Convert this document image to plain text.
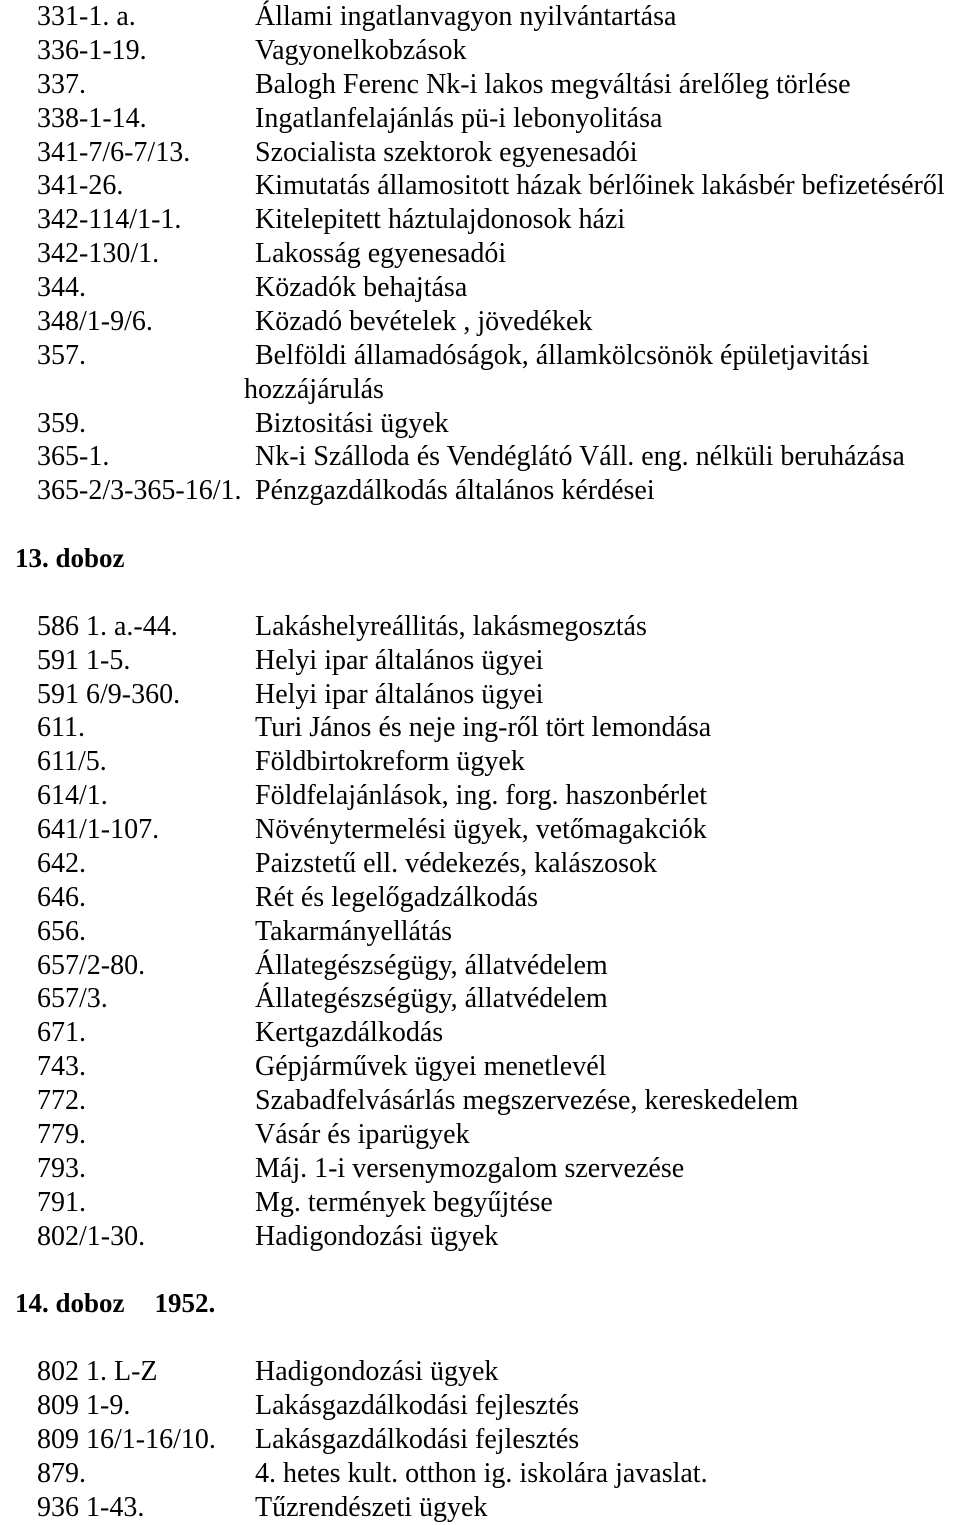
331-1. a.	Állami ingatlanvagyon nyilvántartása
336-1-19.	Vagyonelkobzások
337.	Balogh Ferenc Nk-i lakos megváltási árelőleg törlése
338-1-14.	Ingatlanfelajánlás pü-i lebonyolitása
341-7/6-7/13. Szocialista szektorok egyenesadói
341-26.	Kimutatás államositott házak bérlőinek lakásbér befizetéséről
342-114/1-1.	Kitelepitett háztulajdonosok házi
342-130/1.	Lakosság egyenesadói
344.	Közadók behajtása
348/1-9/6.	Közadó bevételek , jövedékek
357.	Belföldi államadóságok, államkölcsönök épületjavitási
hozzájárulás
359.	Biztositási ügyek
365-1.	Nk-i Szálloda és Vendéglátó Váll. eng. nélküli beruházása
365-2/3-365-16/1. Pénzgazdálkodás általános kérdései
13. doboz
586 1. a.-44.	Lakáshelyreállitás, lakásmegosztás
591 1-5.	Helyi ipar általános ügyei
591 6/9-360.	Helyi ipar általános ügyei
611.	Turi János és neje ing-ről tört lemondása
611/5.	Földbirtokreform ügyek
614/1.	Földfelajánlások, ing. forg. haszonbérlet
641/1-107.	Növénytermelési ügyek, vetőmagakciók
642.	Paizstetű ell. védekezés, kalászosok
646.	Rét és legelőgadzálkodás
656.	Takarmányellátás
657/2-80.	Állategészségügy, állatvédelem
657/3.	Állategészségügy, állatvédelem
671.	Kertgazdálkodás
743.	Gépjárművek ügyei menetlevél
772.	Szabadfelvásárlás megszervezése, kereskedelem
779.	Vásár és iparügyek
793.	Máj. 1-i versenymozgalom szervezése
791.	Mg. termények begyűjtése
802/1-30.	Hadigondozási ügyek
14. doboz 1952.
802 1. L-Z	Hadigondozási ügyek
809 1-9.	Lakásgazdálkodási fejlesztés
809 16/1-16/10. Lakásgazdálkodási fejlesztés
879.	4. hetes kult. otthon ig. iskolára javaslat.
936 1-43.	Tűzrendészeti ügyek
